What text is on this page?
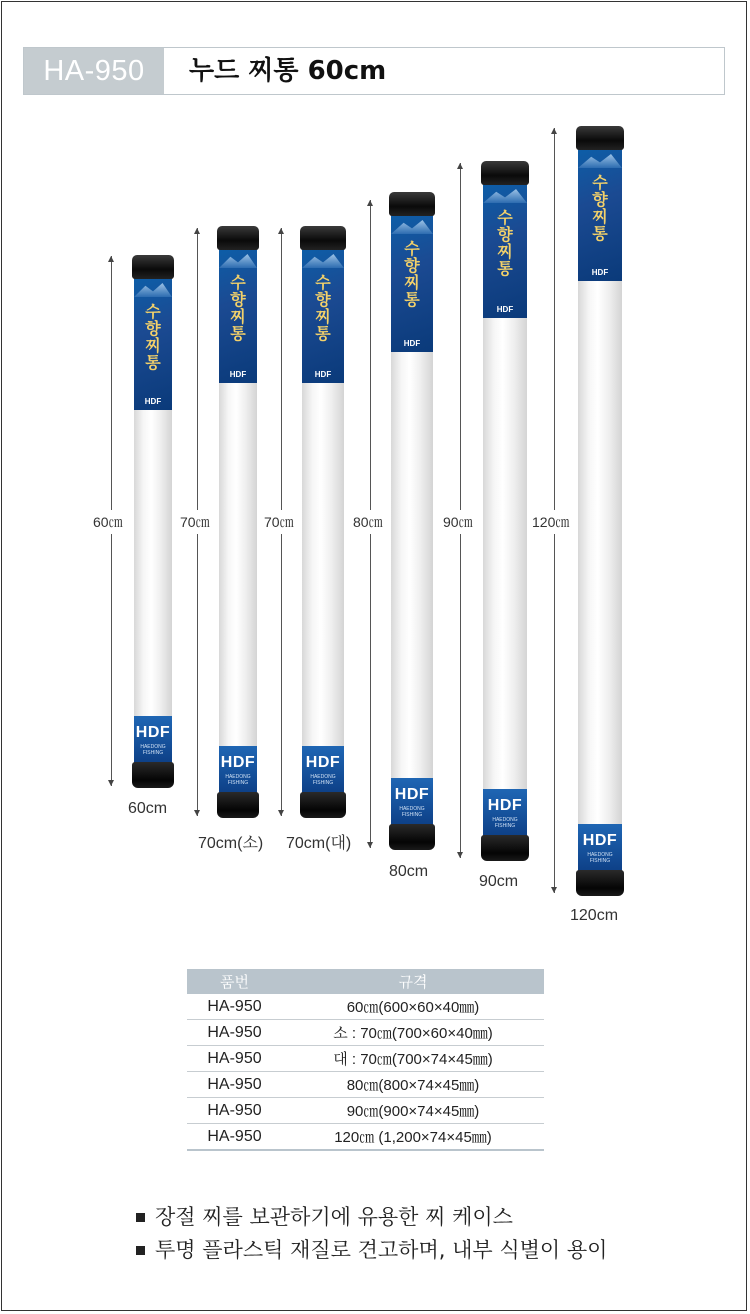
HA-950	누드 찌통 60cm
60㎝
수향찌통
HDF
HDF
HAEDONG FISHING
60cm
70㎝
수향찌통
HDF
HDF
HAEDONG FISHING
70cm(소)
70㎝
수향찌통
HDF
HDF
HAEDONG FISHING
70cm(대)
80㎝
수향찌통
HDF
HDF
HAEDONG FISHING
80cm
90㎝
수향찌통
HDF
HDF
HAEDONG FISHING
90cm
120㎝
수향찌통
HDF
HDF
HAEDONG FISHING
120cm
품번	규격
HA-950	60㎝(600×60×40㎜)
HA-950	소 : 70㎝(700×60×40㎜)
HA-950	대 : 70㎝(700×74×45㎜)
HA-950	80㎝(800×74×45㎜)
HA-950	90㎝(900×74×45㎜)
HA-950	120㎝ (1,200×74×45㎜)
장절 찌를 보관하기에 유용한 찌 케이스
투명 플라스틱 재질로 견고하며, 내부 식별이 용이
